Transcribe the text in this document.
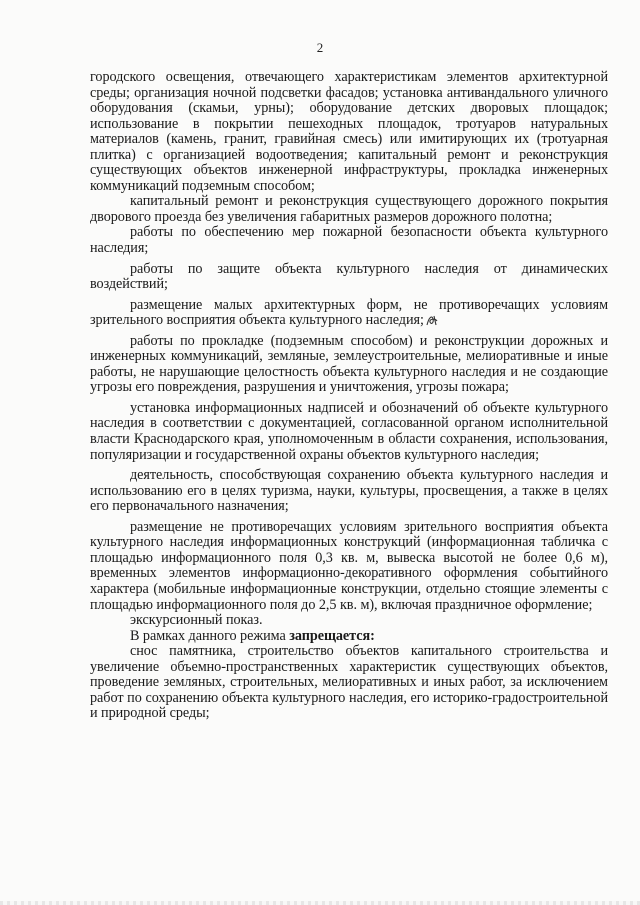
2

городского освещения, отвечающего характеристикам элементов архитектурной среды; организация ночной подсветки фасадов; установка антивандального уличного оборудования (скамьи, урны); оборудование детских дворовых площадок; использование в покрытии пешеходных площадок, тротуаров натуральных материалов (камень, гранит, гравийная смесь) или имитирующих их (тротуарная плитка) с организацией водоотведения; капитальный ремонт и реконструкция существующих объектов инженерной инфраструктуры, прокладка инженерных коммуникаций подземным способом;

капитальный ремонт и реконструкция существующего дорожного покрытия дворового проезда без увеличения габаритных размеров дорожного полотна;

работы по обеспечению мер пожарной безопасности объекта культурного наследия;

работы по защите объекта культурного наследия от динамических воздействий;

размещение малых архитектурных форм, не противоречащих условиям зрительного восприятия объекта культурного наследия;

работы по прокладке (подземным способом) и реконструкции дорожных и инженерных коммуникаций, земляные, землеустроительные, мелиоративные и иные работы, не нарушающие целостность объекта культурного наследия и не создающие угрозы его повреждения, разрушения и уничтожения, угрозы пожара;

установка информационных надписей и обозначений об объекте культурного наследия в соответствии с документацией, согласованной органом исполнительной власти Краснодарского края, уполномоченным в области сохранения, использования, популяризации и государственной охраны объектов культурного наследия;

деятельность, способствующая сохранению объекта культурного наследия и использованию его в целях туризма, науки, культуры, просвещения, а также в целях его первоначального назначения;

размещение не противоречащих условиям зрительного восприятия объекта культурного наследия информационных конструкций (информационная табличка с площадью информационного поля 0,3 кв. м, вывеска высотой не более 0,6 м), временных элементов информационно-декоративного оформления событийного характера (мобильные информационные конструкции, отдельно стоящие элементы с площадью информационного поля до 2,5 кв. м), включая праздничное оформление;

экскурсионный показ.

В рамках данного режима запрещается:

снос памятника, строительство объектов капитального строительства и увеличение объемно-пространственных характеристик существующих объектов, проведение земляных, строительных, мелиоративных и иных работ, за исключением работ по сохранению объекта культурного наследия, его историко-градостроительной и природной среды;
